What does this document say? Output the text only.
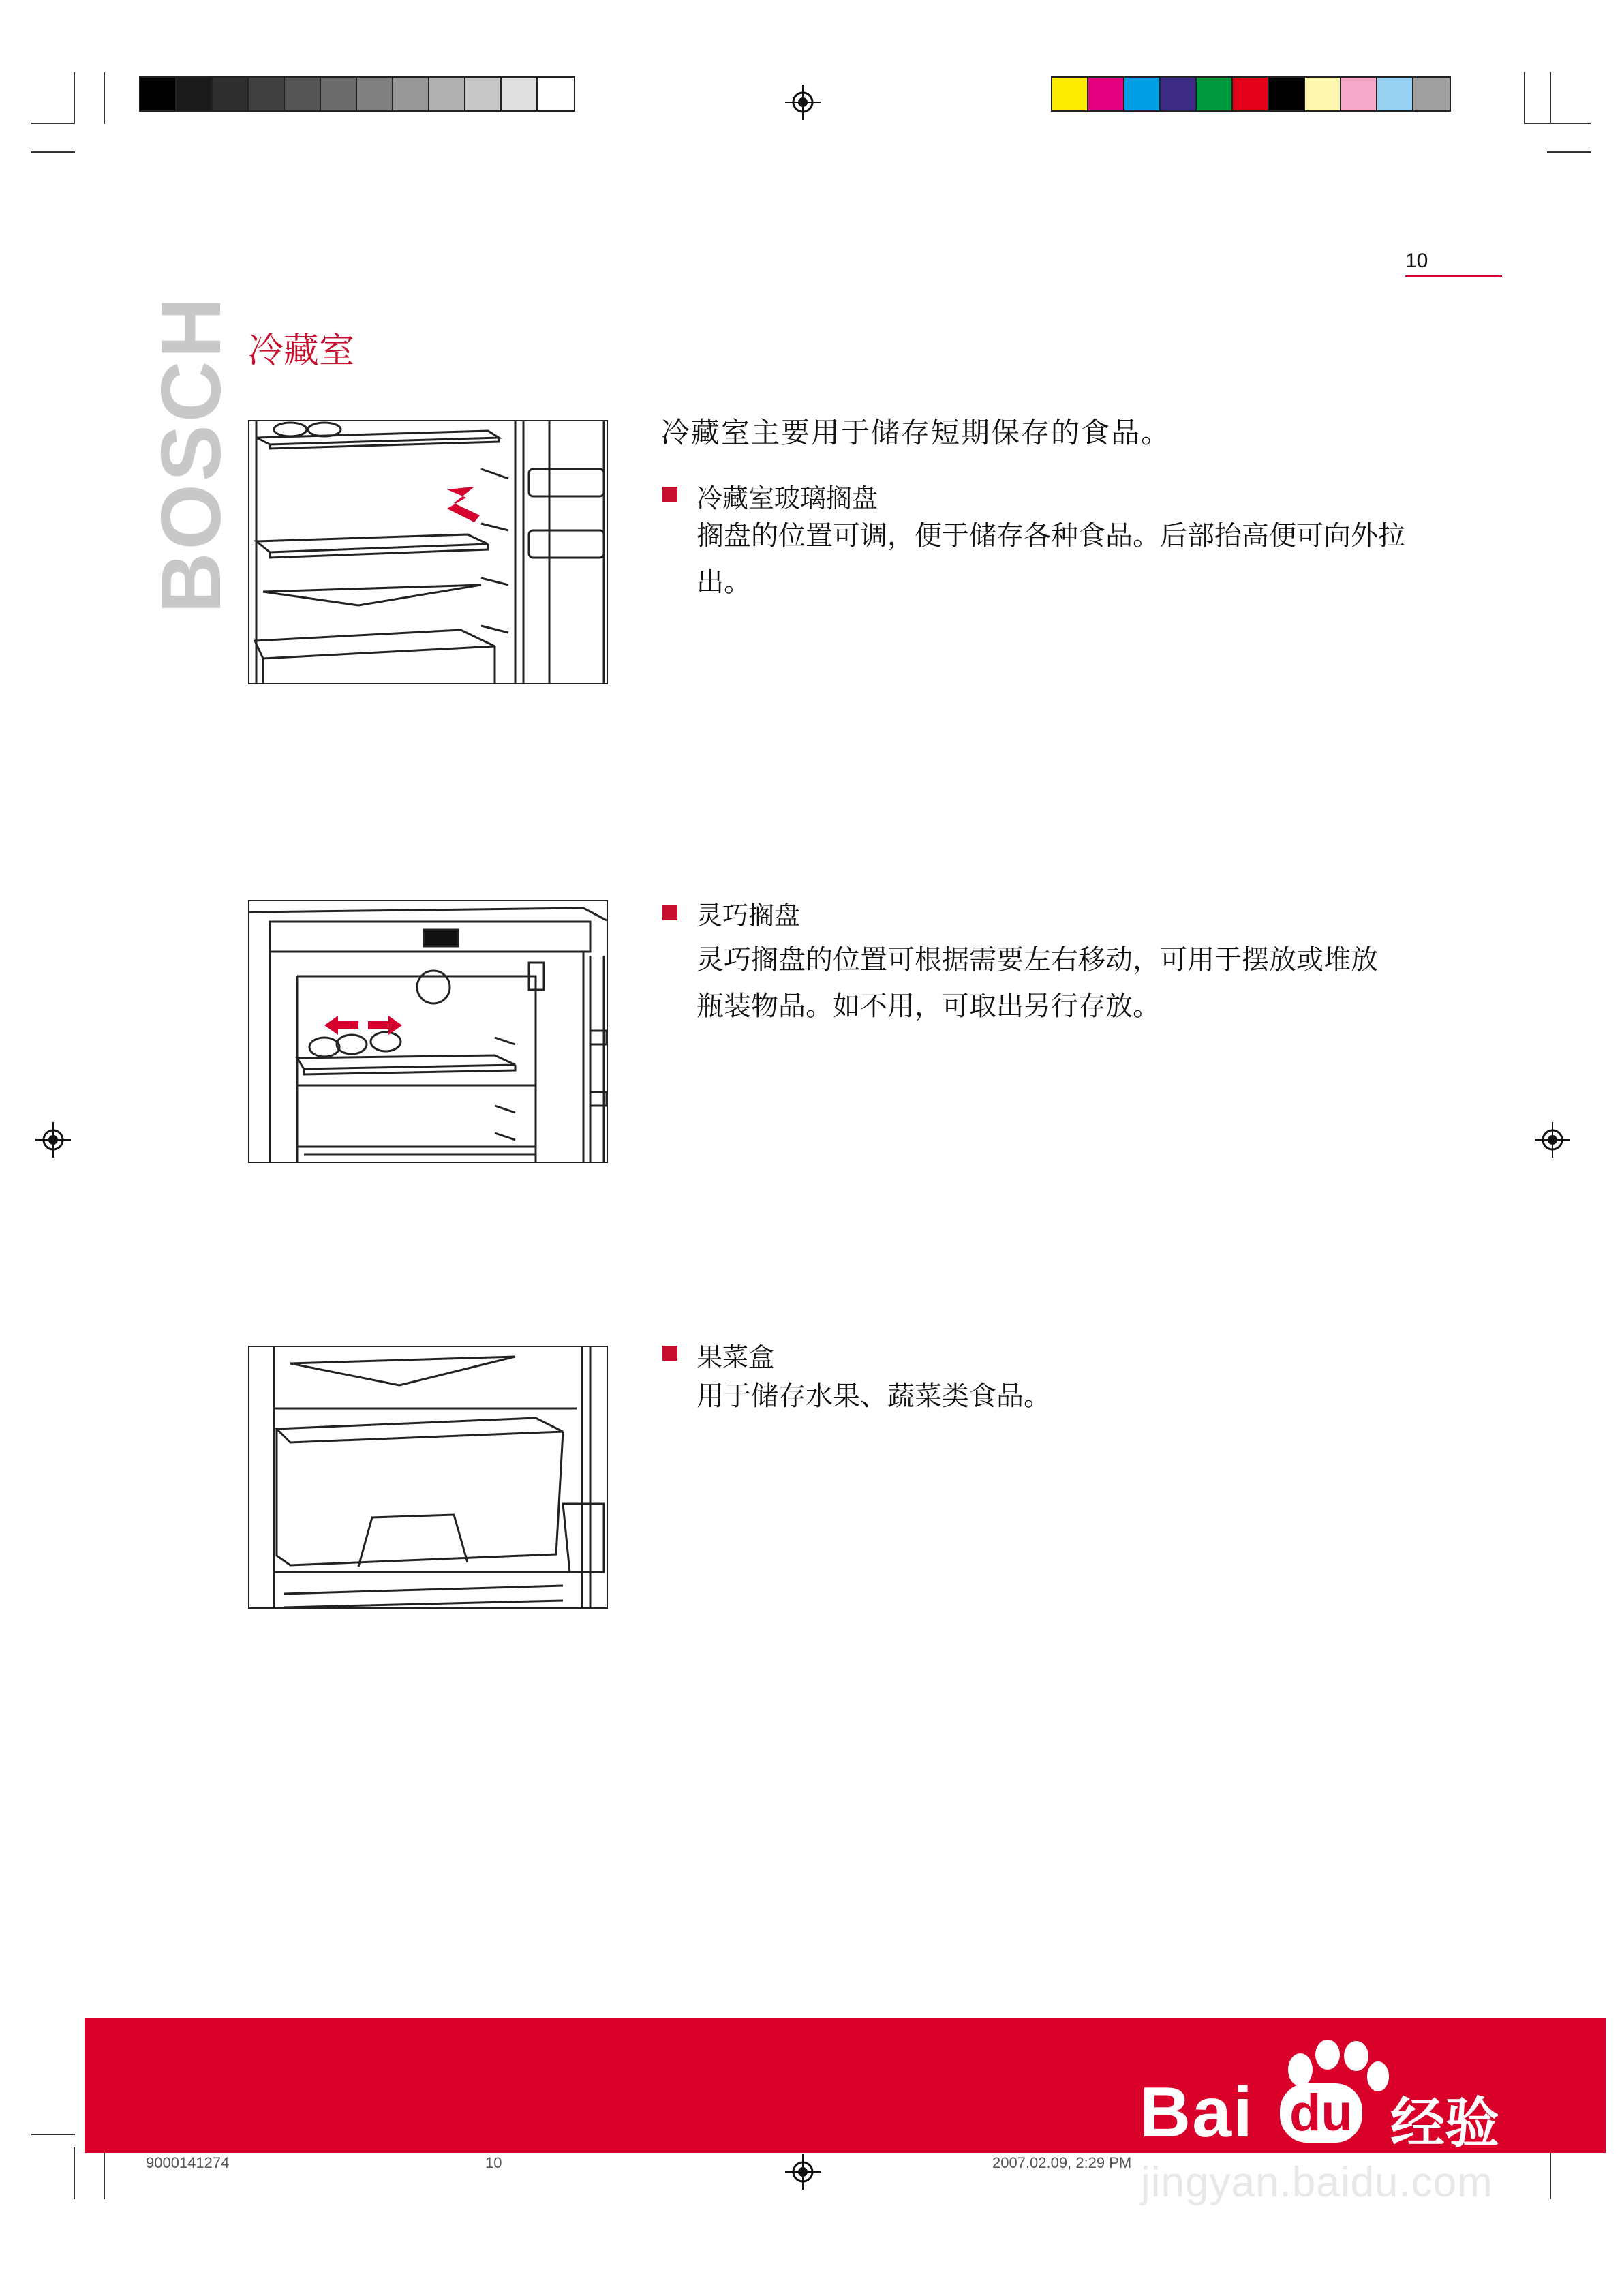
10
BOSCH 冷藏室
冷藏室主要用于储存短期保存的食品。
冷藏室玻璃搁盘
搁盘的位置可调，便于储存各种食品。后部抬高便可向外拉
出。
灵巧搁盘
灵巧搁盘的位置可根据需要左右移动，可用于摆放或堆放
瓶装物品。如不用，可取出另行存放。
果菜盒
用于储存水果、蔬菜类食品。
Bai du 经验
jingyan.baidu.com
9000141274	10	2007.02.09, 2:29 PM
